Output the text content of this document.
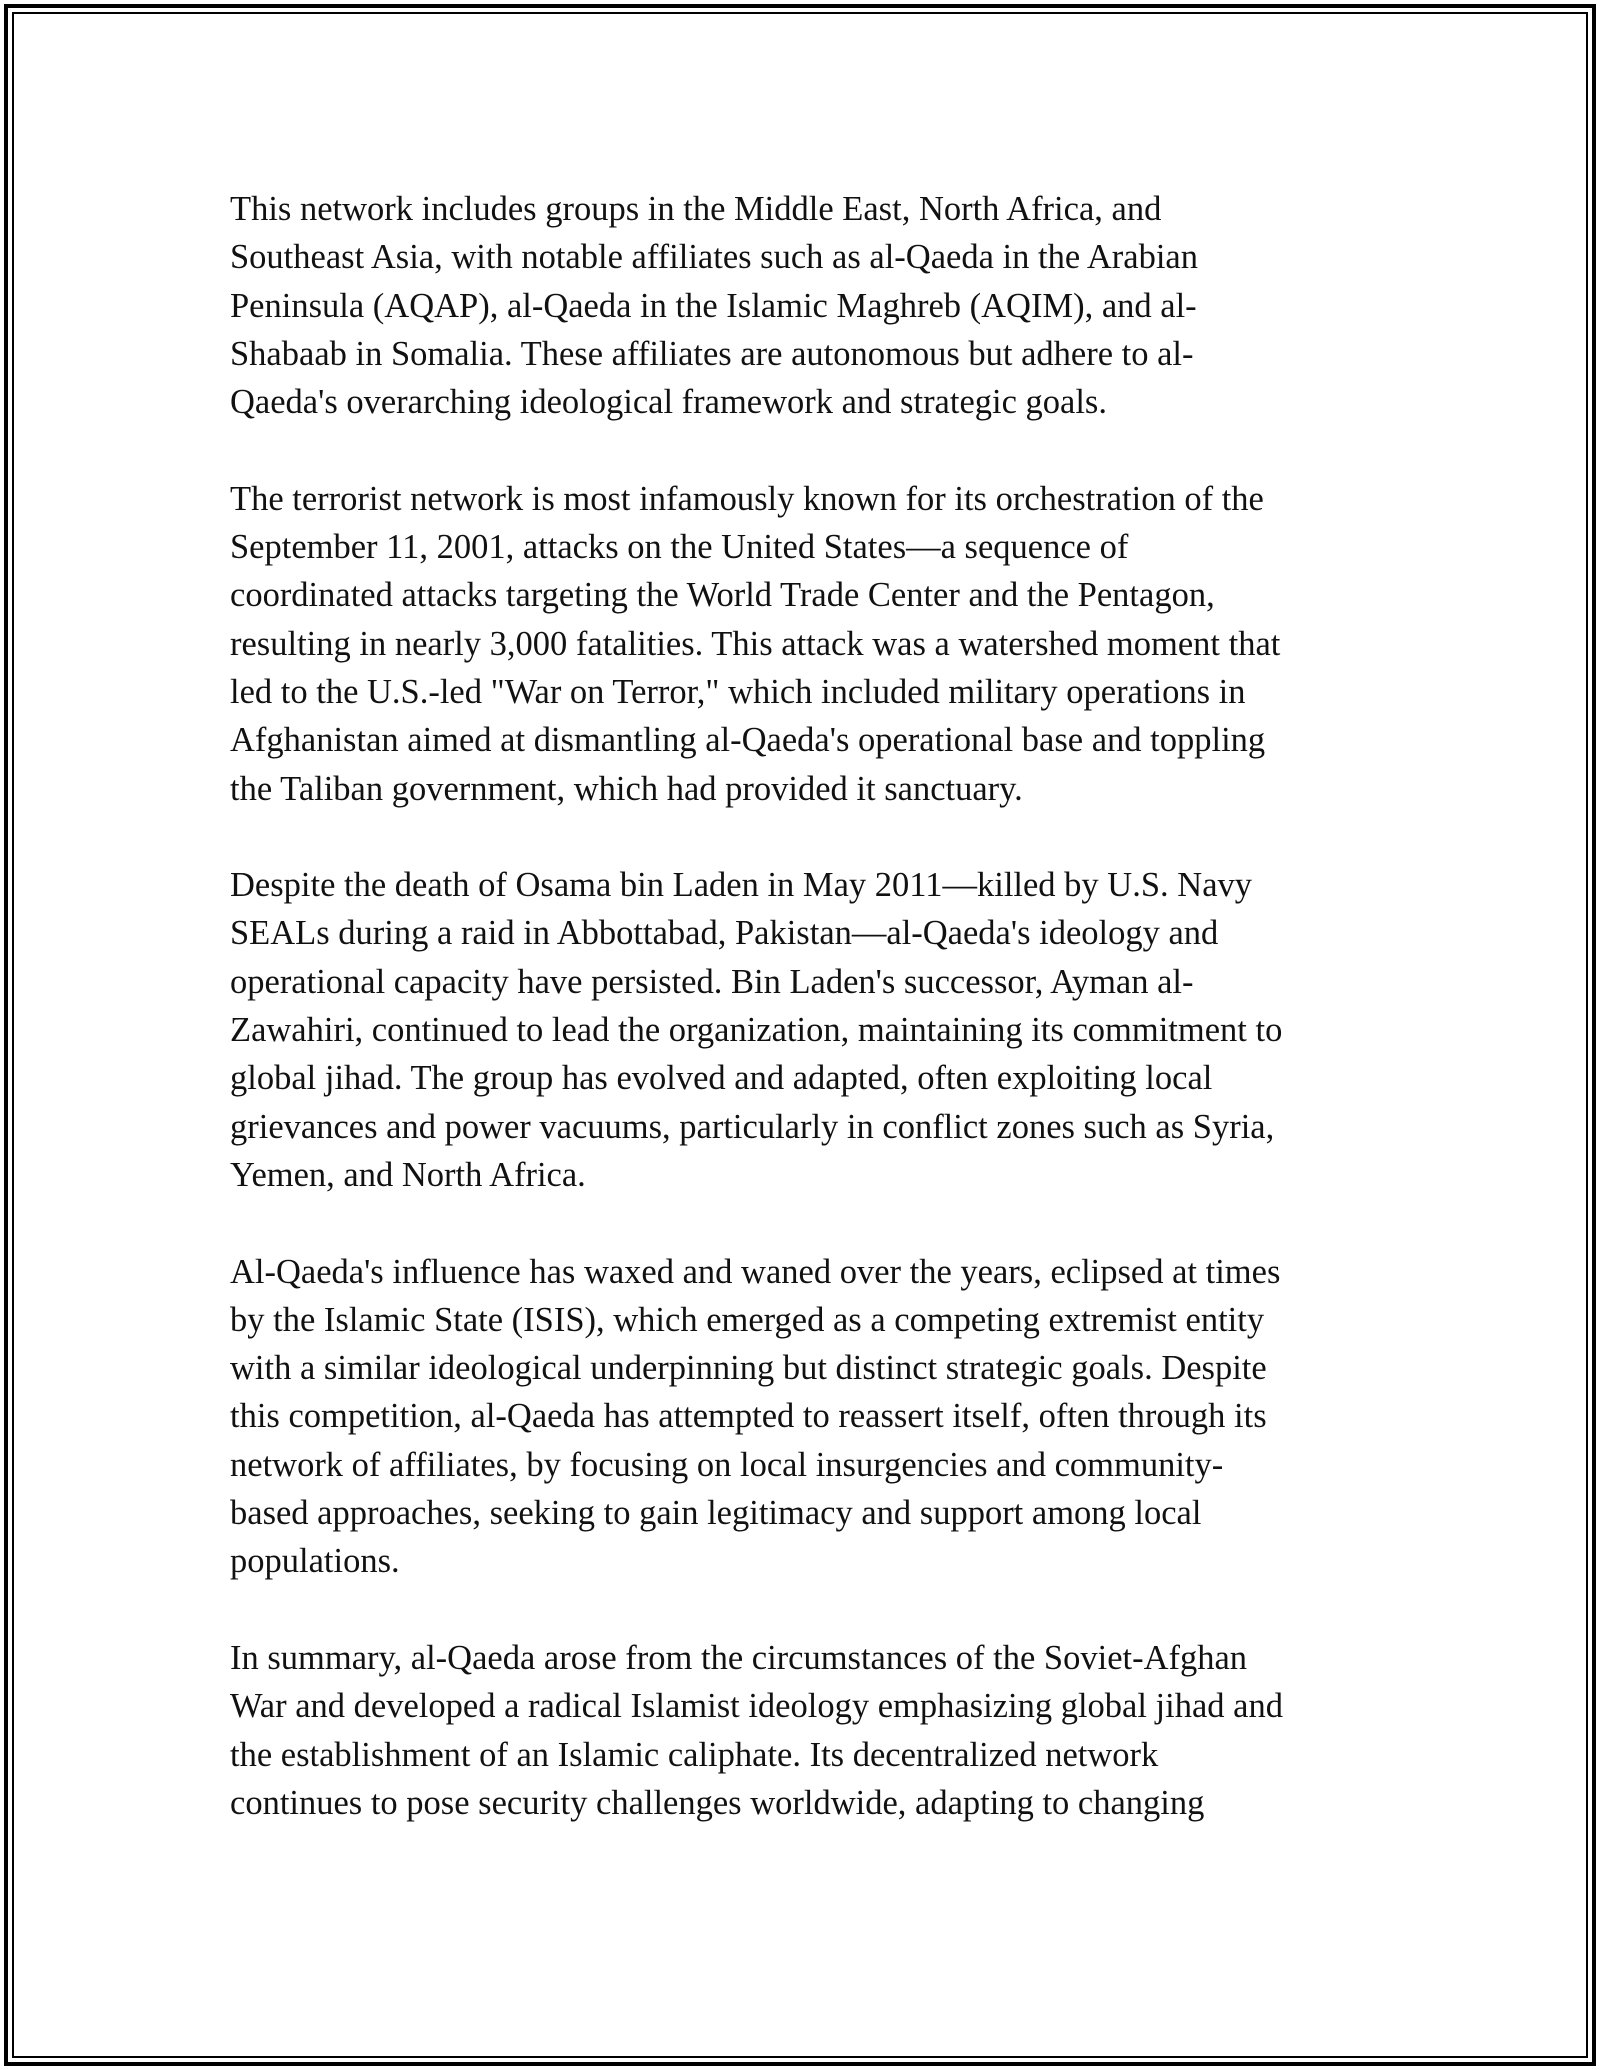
This network includes groups in the Middle East, North Africa, and
Southeast Asia, with notable affiliates such as al-Qaeda in the Arabian
Peninsula (AQAP), al-Qaeda in the Islamic Maghreb (AQIM), and al-
Shabaab in Somalia. These affiliates are autonomous but adhere to al-
Qaeda's overarching ideological framework and strategic goals.

The terrorist network is most infamously known for its orchestration of the
September 11, 2001, attacks on the United States—a sequence of
coordinated attacks targeting the World Trade Center and the Pentagon,
resulting in nearly 3,000 fatalities. This attack was a watershed moment that
led to the U.S.-led "War on Terror," which included military operations in
Afghanistan aimed at dismantling al-Qaeda's operational base and toppling
the Taliban government, which had provided it sanctuary.

Despite the death of Osama bin Laden in May 2011—killed by U.S. Navy
SEALs during a raid in Abbottabad, Pakistan—al-Qaeda's ideology and
operational capacity have persisted. Bin Laden's successor, Ayman al-
Zawahiri, continued to lead the organization, maintaining its commitment to
global jihad. The group has evolved and adapted, often exploiting local
grievances and power vacuums, particularly in conflict zones such as Syria,
Yemen, and North Africa.

Al-Qaeda's influence has waxed and waned over the years, eclipsed at times
by the Islamic State (ISIS), which emerged as a competing extremist entity
with a similar ideological underpinning but distinct strategic goals. Despite
this competition, al-Qaeda has attempted to reassert itself, often through its
network of affiliates, by focusing on local insurgencies and community-
based approaches, seeking to gain legitimacy and support among local
populations.

In summary, al-Qaeda arose from the circumstances of the Soviet-Afghan
War and developed a radical Islamist ideology emphasizing global jihad and
the establishment of an Islamic caliphate. Its decentralized network
continues to pose security challenges worldwide, adapting to changing
